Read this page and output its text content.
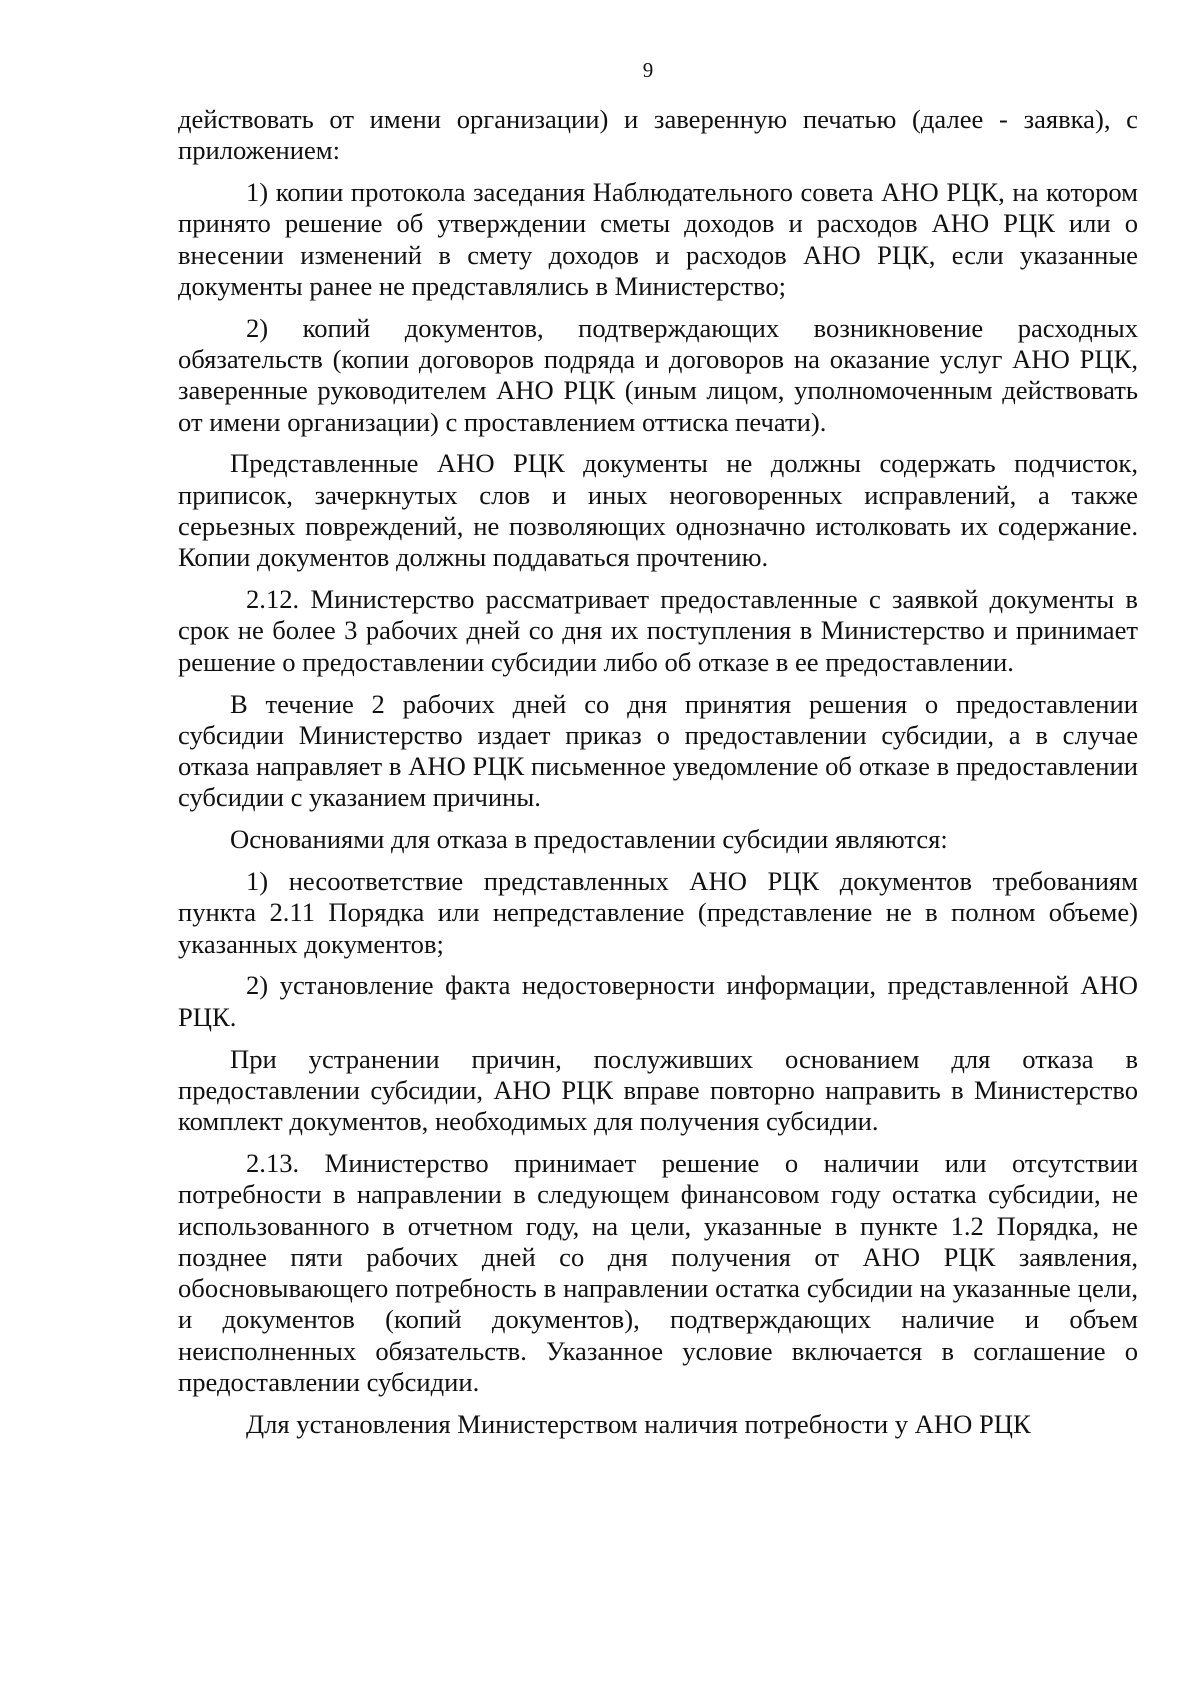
9

действовать от имени организации) и заверенную печатью (далее - заявка), с приложением:

1) копии протокола заседания Наблюдательного совета АНО РЦК, на котором принято решение об утверждении сметы доходов и расходов АНО РЦК или о внесении изменений в смету доходов и расходов АНО РЦК, если указанные документы ранее не представлялись в Министерство;

2) копий документов, подтверждающих возникновение расходных обязательств (копии договоров подряда и договоров на оказание услуг АНО РЦК, заверенные руководителем АНО РЦК (иным лицом, уполномоченным действовать от имени организации) с проставлением оттиска печати).

Представленные АНО РЦК документы не должны содержать подчисток, приписок, зачеркнутых слов и иных неоговоренных исправлений, а также серьезных повреждений, не позволяющих однозначно истолковать их содержание. Копии документов должны поддаваться прочтению.

2.12. Министерство рассматривает предоставленные с заявкой документы в срок не более 3 рабочих дней со дня их поступления в Министерство и принимает решение о предоставлении субсидии либо об отказе в ее предоставлении.

В течение 2 рабочих дней со дня принятия решения о предоставлении субсидии Министерство издает приказ о предоставлении субсидии, а в случае отказа направляет в АНО РЦК письменное уведомление об отказе в предоставлении субсидии с указанием причины.

Основаниями для отказа в предоставлении субсидии являются:

1) несоответствие представленных АНО РЦК документов требованиям пункта 2.11 Порядка или непредставление (представление не в полном объеме) указанных документов;

2) установление факта недостоверности информации, представленной АНО РЦК.

При устранении причин, послуживших основанием для отказа в предоставлении субсидии, АНО РЦК вправе повторно направить в Министерство комплект документов, необходимых для получения субсидии.

2.13. Министерство принимает решение о наличии или отсутствии потребности в направлении в следующем финансовом году остатка субсидии, не использованного в отчетном году, на цели, указанные в пункте 1.2 Порядка, не позднее пяти рабочих дней со дня получения от АНО РЦК заявления, обосновывающего потребность в направлении остатка субсидии на указанные цели, и документов (копий документов), подтверждающих наличие и объем неисполненных обязательств. Указанное условие включается в соглашение о предоставлении субсидии.

Для установления Министерством наличия потребности у АНО РЦК
